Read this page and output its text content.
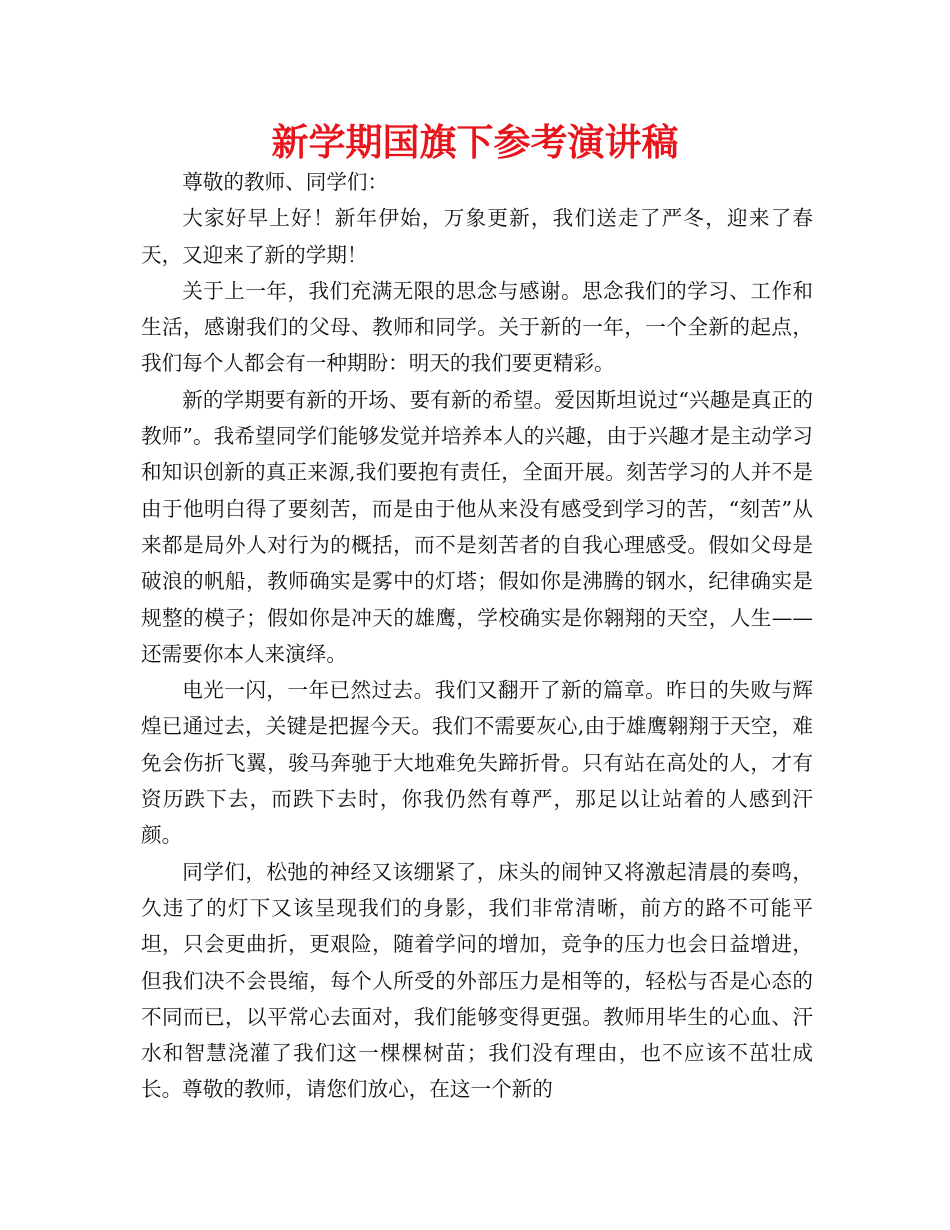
新学期国旗下参考演讲稿

尊敬的教师、同学们：

大家好早上好！新年伊始，万象更新，我们送走了严冬，迎来了春天，又迎来了新的学期！

关于上一年，我们充满无限的思念与感谢。思念我们的学习、工作和生活，感谢我们的父母、教师和同学。关于新的一年，一个全新的起点，我们每个人都会有一种期盼：明天的我们要更精彩。

新的学期要有新的开场、要有新的希望。爱因斯坦说过“兴趣是真正的教师”。我希望同学们能够发觉并培养本人的兴趣，由于兴趣才是主动学习和知识创新的真正来源,我们要抱有责任，全面开展。刻苦学习的人并不是由于他明白得了要刻苦，而是由于他从来没有感受到学习的苦，“刻苦”从来都是局外人对行为的概括，而不是刻苦者的自我心理感受。假如父母是破浪的帆船，教师确实是雾中的灯塔；假如你是沸腾的钢水，纪律确实是规整的模子；假如你是冲天的雄鹰，学校确实是你翱翔的天空，人生——还需要你本人来演绎。

电光一闪，一年已然过去。我们又翻开了新的篇章。昨日的失败与辉煌已通过去，关键是把握今天。我们不需要灰心,由于雄鹰翱翔于天空，难免会伤折飞翼，骏马奔驰于大地难免失蹄折骨。只有站在高处的人，才有资历跌下去，而跌下去时，你我仍然有尊严，那足以让站着的人感到汗颜。

同学们，松弛的神经又该绷紧了，床头的闹钟又将激起清晨的奏鸣，久违了的灯下又该呈现我们的身影，我们非常清晰，前方的路不可能平坦，只会更曲折，更艰险，随着学问的增加，竞争的压力也会日益增进，但我们决不会畏缩，每个人所受的外部压力是相等的，轻松与否是心态的不同而已，以平常心去面对，我们能够变得更强。教师用毕生的心血、汗水和智慧浇灌了我们这一棵棵树苗；我们没有理由，也不应该不茁壮成长。尊敬的教师，请您们放心，在这一个新的
